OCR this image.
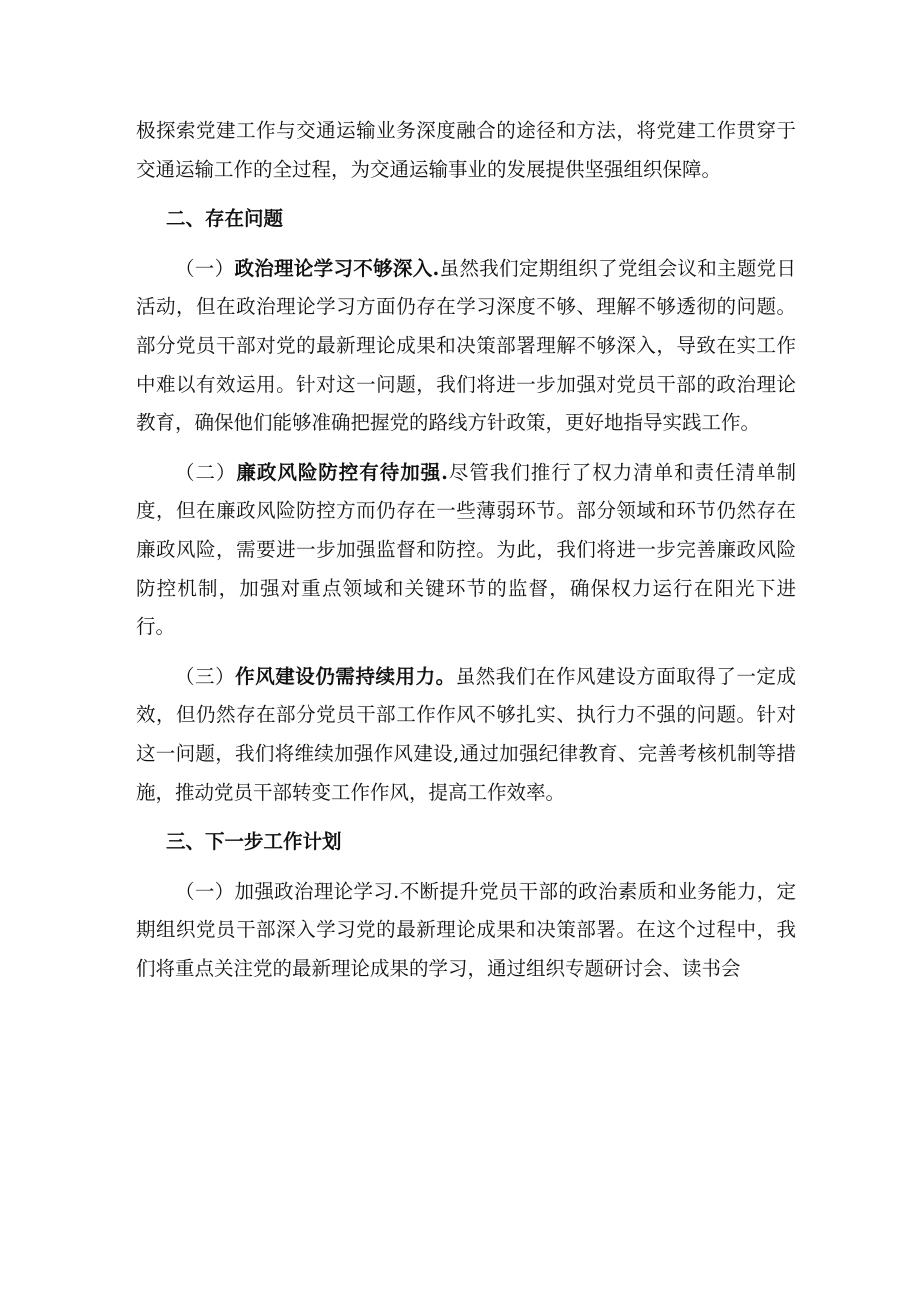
极探索党建工作与交通运输业务深度融合的途径和方法，将党建工作贯穿于交通运输工作的全过程，为交通运输事业的发展提供坚强组织保障。

二、存在问题

（一）政治理论学习不够深入.虽然我们定期组织了党组会议和主题党日活动，但在政治理论学习方面仍存在学习深度不够、理解不够透彻的问题。部分党员干部对党的最新理论成果和决策部署理解不够深入，导致在实工作中难以有效运用。针对这一问题，我们将进一步加强对党员干部的政治理论教育，确保他们能够准确把握党的路线方针政策，更好地指导实践工作。

（二）廉政风险防控有待加强.尽管我们推行了权力清单和责任清单制度，但在廉政风险防控方而仍存在一些薄弱环节。部分领域和环节仍然存在廉政风险，需要进一步加强监督和防控。为此，我们将进一步完善廉政风险防控机制，加强对重点领域和关键环节的监督，确保权力运行在阳光下进行。

（三）作风建设仍需持续用力。虽然我们在作风建设方面取得了一定成效，但仍然存在部分党员干部工作作风不够扎实、执行力不强的问题。针对这一问题，我们将维续加强作风建设,通过加强纪律教育、完善考核机制等措施，推动党员干部转变工作作风，提高工作效率。

三、下一步工作计划

（一）加强政治理论学习.不断提升党员干部的政治素质和业务能力，定期组织党员干部深入学习党的最新理论成果和决策部署。在这个过程中，我们将重点关注党的最新理论成果的学习，通过组织专题研讨会、读书会
